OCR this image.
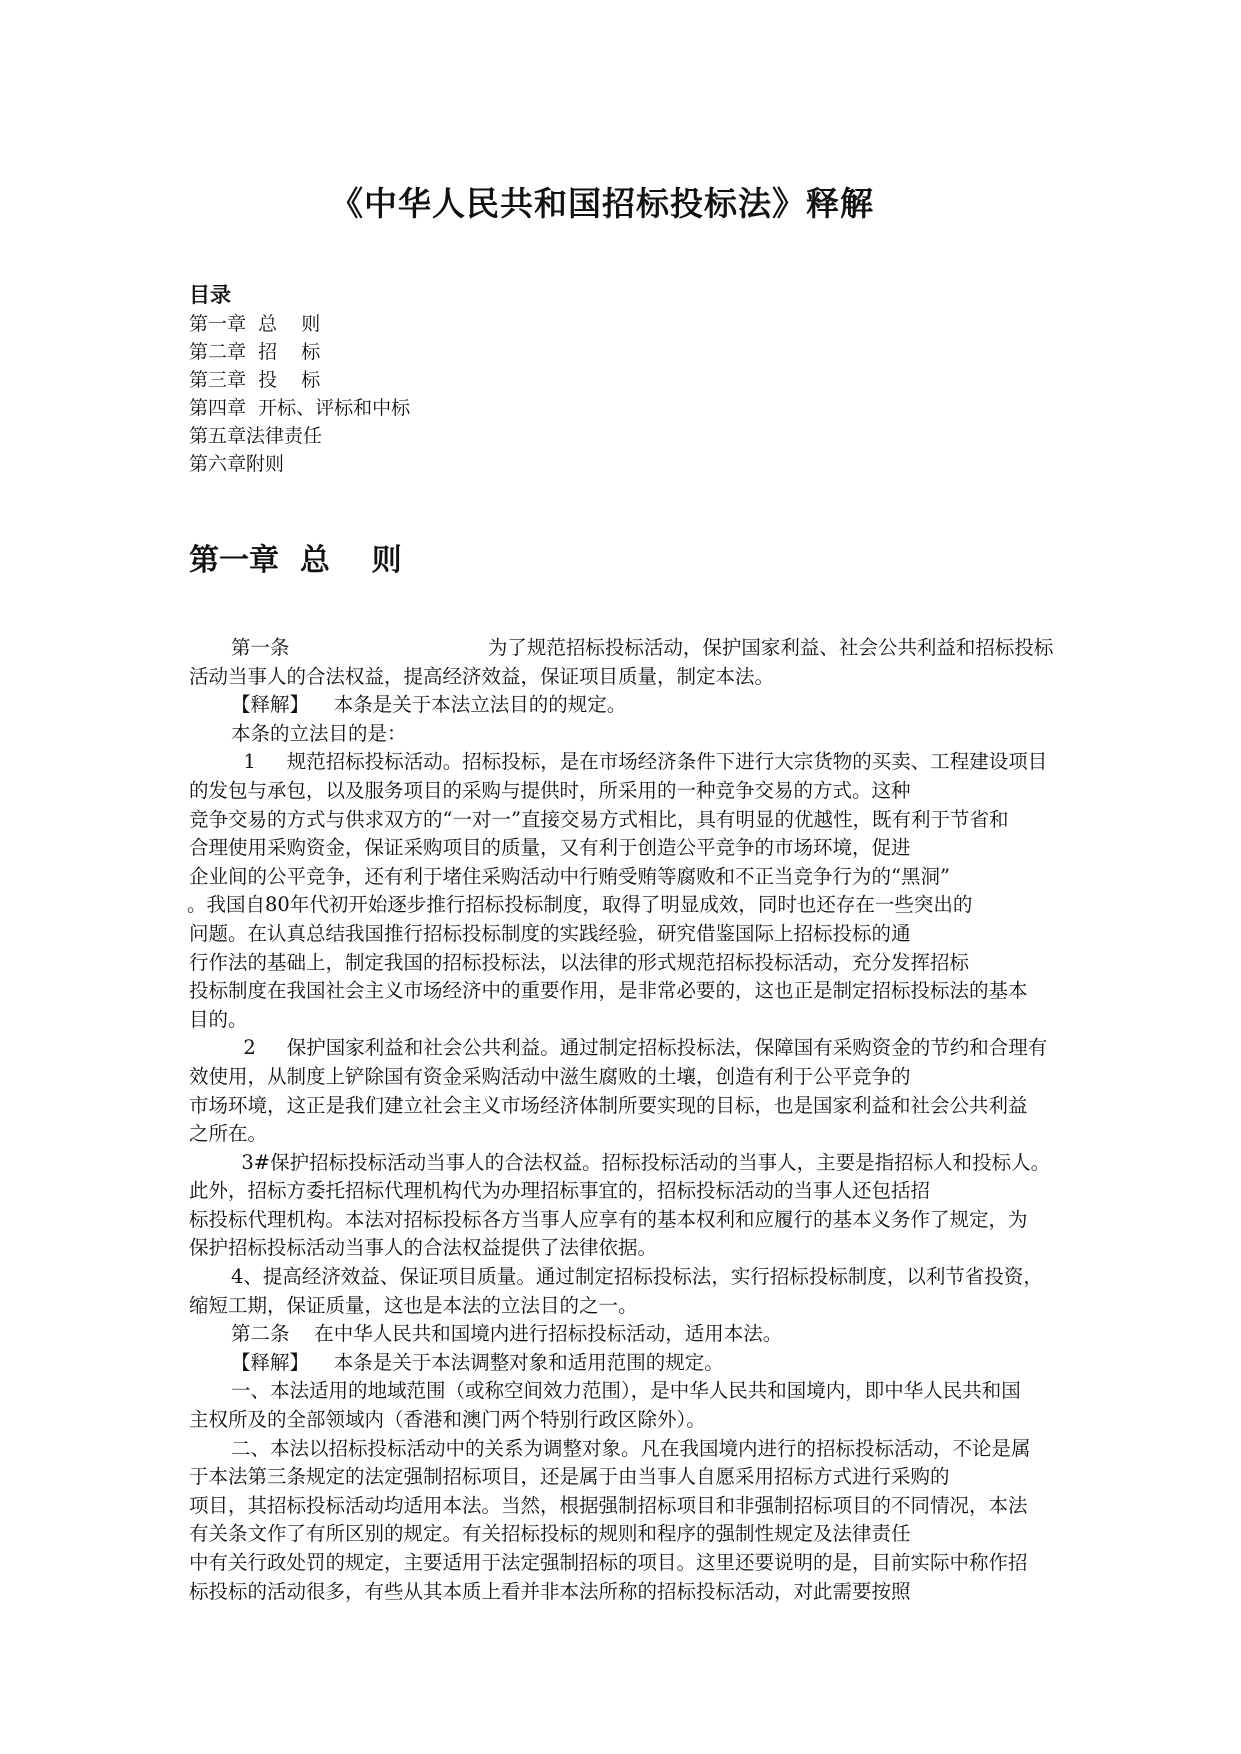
《中华人民共和国招标投标法》释解
目录
第一章  总    则
第二章  招    标
第三章  投    标
第四章  开标、评标和中标
第五章法律责任
第六章附则
第一章  总    则
第一条                                为了规范招标投标活动，保护国家利益、社会公共利益和招标投标
活动当事人的合法权益，提高经济效益，保证项目质量，制定本法。
【释解】    本条是关于本法立法目的的规定。
本条的立法目的是：
1     规范招标投标活动。招标投标，是在市场经济条件下进行大宗货物的买卖、工程建设项目
的发包与承包，以及服务项目的采购与提供时，所采用的一种竞争交易的方式。这种
竞争交易的方式与供求双方的“一对一”直接交易方式相比，具有明显的优越性，既有利于节省和
合理使用采购资金，保证采购项目的质量，又有利于创造公平竞争的市场环境，促进
企业间的公平竞争，还有利于堵住采购活动中行贿受贿等腐败和不正当竞争行为的“黑洞”
。我国自80年代初开始逐步推行招标投标制度，取得了明显成效，同时也还存在一些突出的
问题。在认真总结我国推行招标投标制度的实践经验，研究借鉴国际上招标投标的通
行作法的基础上，制定我国的招标投标法，以法律的形式规范招标投标活动，充分发挥招标
投标制度在我国社会主义市场经济中的重要作用，是非常必要的，这也正是制定招标投标法的基本
目的。
2     保护国家利益和社会公共利益。通过制定招标投标法，保障国有采购资金的节约和合理有
效使用，从制度上铲除国有资金采购活动中滋生腐败的土壤，创造有利于公平竞争的
市场环境，这正是我们建立社会主义市场经济体制所要实现的目标，也是国家利益和社会公共利益
之所在。
3#保护招标投标活动当事人的合法权益。招标投标活动的当事人，主要是指招标人和投标人。
此外，招标方委托招标代理机构代为办理招标事宜的，招标投标活动的当事人还包括招
标投标代理机构。本法对招标投标各方当事人应享有的基本权利和应履行的基本义务作了规定，为
保护招标投标活动当事人的合法权益提供了法律依据。
4、提高经济效益、保证项目质量。通过制定招标投标法，实行招标投标制度，以利节省投资，
缩短工期，保证质量，这也是本法的立法目的之一。
第二条    在中华人民共和国境内进行招标投标活动，适用本法。
【释解】    本条是关于本法调整对象和适用范围的规定。
一、本法适用的地域范围（或称空间效力范围），是中华人民共和国境内，即中华人民共和国
主权所及的全部领域内（香港和澳门两个特别行政区除外）。
二、本法以招标投标活动中的关系为调整对象。凡在我国境内进行的招标投标活动，不论是属
于本法第三条规定的法定强制招标项目，还是属于由当事人自愿采用招标方式进行采购的
项目，其招标投标活动均适用本法。当然，根据强制招标项目和非强制招标项目的不同情况，本法
有关条文作了有所区别的规定。有关招标投标的规则和程序的强制性规定及法律责任
中有关行政处罚的规定，主要适用于法定强制招标的项目。这里还要说明的是，目前实际中称作招
标投标的活动很多，有些从其本质上看并非本法所称的招标投标活动，对此需要按照
